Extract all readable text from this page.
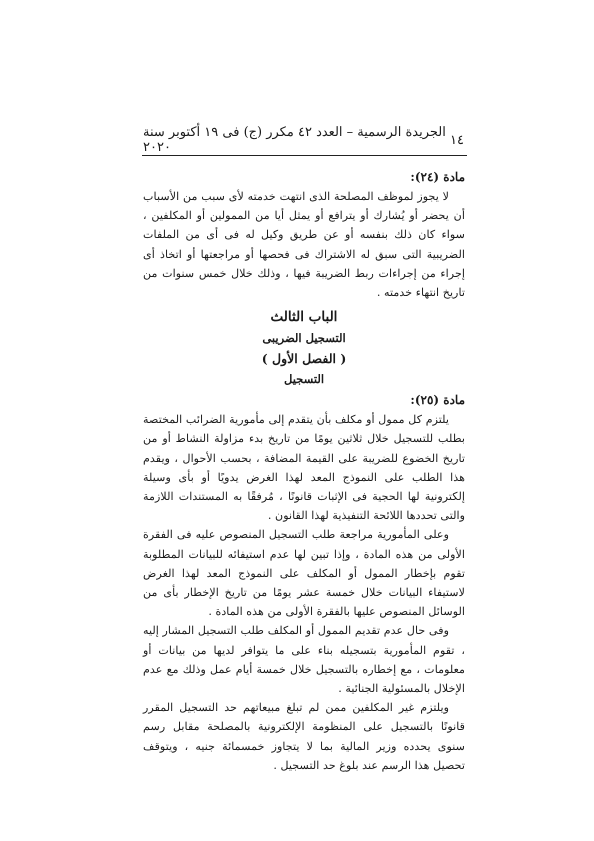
الجريدة الرسمية – العدد ٤٢ مكرر (ج) فى ١٩ أكتوبر سنة ٢٠٢٠	١٤

مادة (٢٤):

لا يجوز لموظف المصلحة الذى انتهت خدمته لأى سبب من الأسباب أن يحضر أو يُشارك أو يترافع أو يمثل أيا من الممولين أو المكلفين ، سواء كان ذلك بنفسه أو عن طريق وكيل له فى أى من الملفات الضريبية التى سبق له الاشتراك فى فحصها أو مراجعتها أو اتخاذ أى إجراء من إجراءات ربط الضريبة فيها ، وذلك خلال خمس سنوات من تاريخ انتهاء خدمته .

الباب الثالث

التسجيل الضريبى

( الفصل الأول )

التسجيل

مادة (٢٥):

يلتزم كل ممول أو مكلف بأن يتقدم إلى مأمورية الضرائب المختصة بطلب للتسجيل خلال ثلاثين يومًا من تاريخ بدء مزاولة النشاط أو من تاريخ الخضوع للضريبة على القيمة المضافة ، بحسب الأحوال ، ويقدم هذا الطلب على النموذج المعد لهذا الغرض يدويًا أو بأى وسيلة إلكترونية لها الحجية فى الإثبات قانونًا ، مُرفقًا به المستندات اللازمة والتى تحددها اللائحة التنفيذية لهذا القانون .

وعلى المأمورية مراجعة طلب التسجيل المنصوص عليه فى الفقرة الأولى من هذه المادة ، وإذا تبين لها عدم استيفائه للبيانات المطلوبة تقوم بإخطار الممول أو المكلف على النموذج المعد لهذا الغرض لاستيفاء البيانات خلال خمسة عشر يومًا من تاريخ الإخطار بأى من الوسائل المنصوص عليها بالفقرة الأولى من هذه المادة .

وفى حال عدم تقديم الممول أو المكلف طلب التسجيل المشار إليه ، تقوم المأمورية بتسجيله بناء على ما يتوافر لديها من بيانات أو معلومات ، مع إخطاره بالتسجيل خلال خمسة أيام عمل وذلك مع عدم الإخلال بالمسئولية الجنائية .

ويلتزم غير المكلفين ممن لم تبلغ مبيعاتهم حد التسجيل المقرر قانونًا بالتسجيل على المنظومة الإلكترونية بالمصلحة مقابل رسم سنوى يحدده وزير المالية بما لا يتجاوز خمسمائة جنيه ، ويتوقف تحصيل هذا الرسم عند بلوغ حد التسجيل .
